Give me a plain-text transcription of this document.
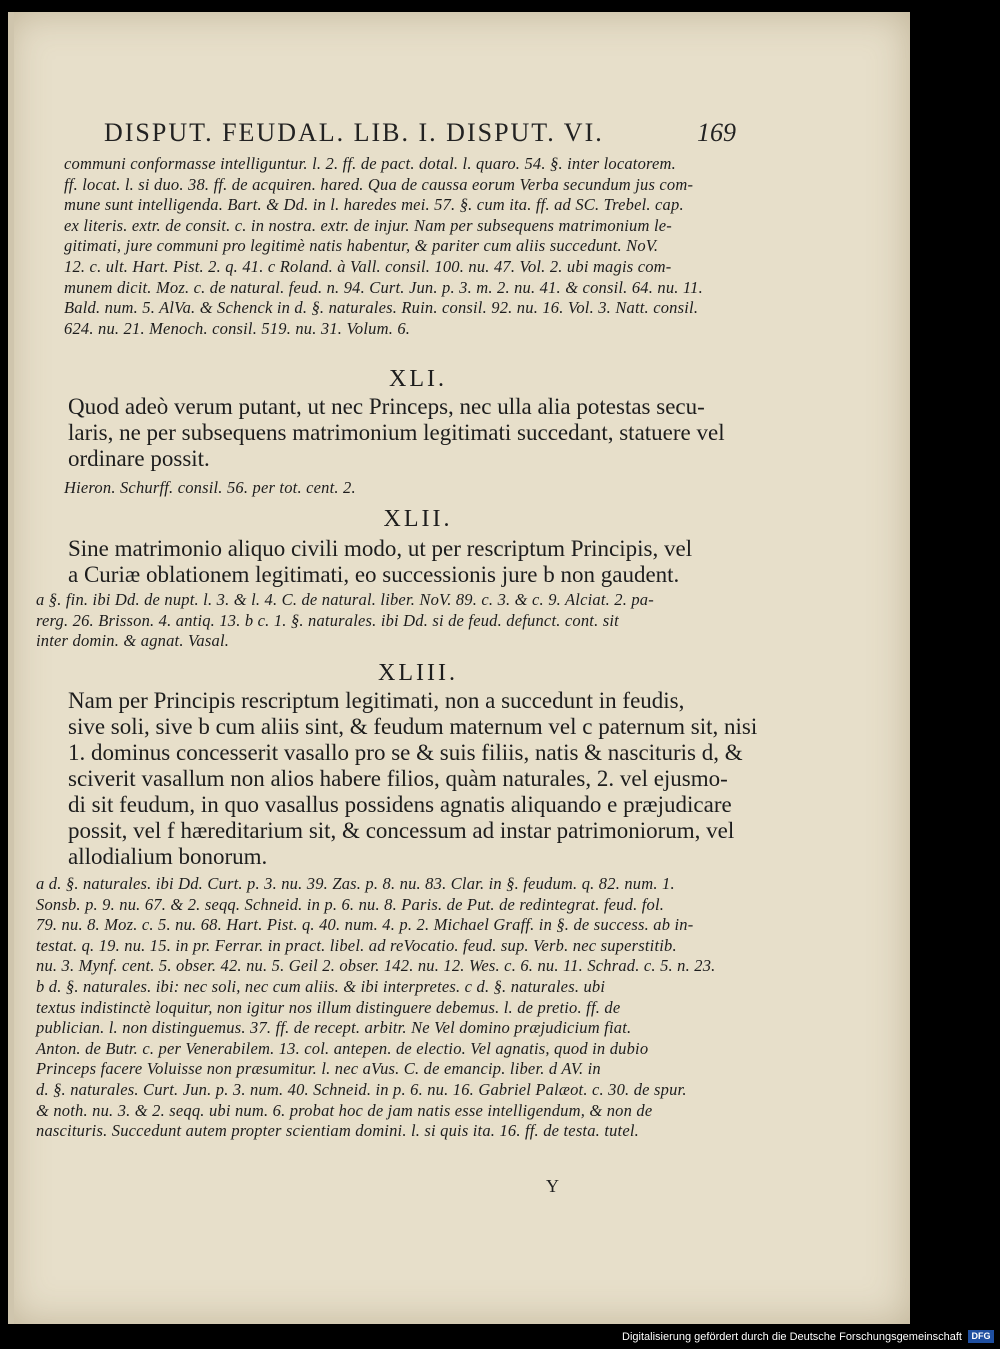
DISPUT. FEUDAL. LIB. I. DISPUT. VI.	169
communi conformasse intelliguntur. l. 2. ff. de pact. dotal. l. quaro. 54. §. inter locatorem.
ff. locat. l. si duo. 38. ff. de acquiren. hared. Qua de caussa eorum Verba secundum jus com-
mune sunt intelligenda. Bart. & Dd. in l. haredes mei. 57. §. cum ita. ff. ad SC. Trebel. cap.
ex literis. extr. de consit. c. in nostra. extr. de injur. Nam per subsequens matrimonium le-
gitimati, jure communi pro legitimè natis habentur, & pariter cum aliis succedunt. NoV.
12. c. ult. Hart. Pist. 2. q. 41. c Roland. à Vall. consil. 100. nu. 47. Vol. 2. ubi magis com-
munem dicit. Moz. c. de natural. feud. n. 94. Curt. Jun. p. 3. m. 2. nu. 41. & consil. 64. nu. 11.
Bald. num. 5. AlVa. & Schenck in d. §. naturales. Ruin. consil. 92. nu. 16. Vol. 3. Natt. consil.
624. nu. 21. Menoch. consil. 519. nu. 31. Volum. 6.
XLI.
Quod adeò verum putant, ut nec Princeps, nec ulla alia potestas secu-
laris, ne per subsequens matrimonium legitimati succedant, statuere vel
ordinare possit.
Hieron. Schurff. consil. 56. per tot. cent. 2.
XLII.
Sine matrimonio aliquo civili modo, ut per rescriptum Principis, vel
a Curiæ oblationem legitimati, eo successionis jure b non gaudent.
a §. fin. ibi Dd. de nupt. l. 3. & l. 4. C. de natural. liber. NoV. 89. c. 3. & c. 9. Alciat. 2. pa-
rerg. 26. Brisson. 4. antiq. 13. b c. 1. §. naturales. ibi Dd. si de feud. defunct. cont. sit
inter domin. & agnat. Vasal.
XLIII.
Nam per Principis rescriptum legitimati, non a succedunt in feudis,
sive soli, sive b cum aliis sint, & feudum maternum vel c paternum sit, nisi
1. dominus concesserit vasallo pro se & suis filiis, natis & nascituris d, &
sciverit vasallum non alios habere filios, quàm naturales, 2. vel ejusmo-
di sit feudum, in quo vasallus possidens agnatis aliquando e præjudicare
possit, vel f hæreditarium sit, & concessum ad instar patrimoniorum, vel
allodialium bonorum.
a d. §. naturales. ibi Dd. Curt. p. 3. nu. 39. Zas. p. 8. nu. 83. Clar. in §. feudum. q. 82. num. 1.
Sonsb. p. 9. nu. 67. & 2. seqq. Schneid. in p. 6. nu. 8. Paris. de Put. de redintegrat. feud. fol.
79. nu. 8. Moz. c. 5. nu. 68. Hart. Pist. q. 40. num. 4. p. 2. Michael Graff. in §. de success. ab in-
testat. q. 19. nu. 15. in pr. Ferrar. in pract. libel. ad reVocatio. feud. sup. Verb. nec superstitib.
nu. 3. Mynf. cent. 5. obser. 42. nu. 5. Geil 2. obser. 142. nu. 12. Wes. c. 6. nu. 11. Schrad. c. 5. n. 23.
b d. §. naturales. ibi: nec soli, nec cum aliis. & ibi interpretes. c d. §. naturales. ubi
textus indistinctè loquitur, non igitur nos illum distinguere debemus. l. de pretio. ff. de
publician. l. non distinguemus. 37. ff. de recept. arbitr. Ne Vel domino præjudicium fiat.
Anton. de Butr. c. per Venerabilem. 13. col. antepen. de electio. Vel agnatis, quod in dubio
Princeps facere Voluisse non præsumitur. l. nec aVus. C. de emancip. liber. d AV. in
d. §. naturales. Curt. Jun. p. 3. num. 40. Schneid. in p. 6. nu. 16. Gabriel Palæot. c. 30. de spur.
& noth. nu. 3. & 2. seqq. ubi num. 6. probat hoc de jam natis esse intelligendum, & non de
nascituris. Succedunt autem propter scientiam domini. l. si quis ita. 16. ff. de testa. tutel.
Y
Digitalisierung gefördert durch die Deutsche Forschungsgemeinschaft	DFG
